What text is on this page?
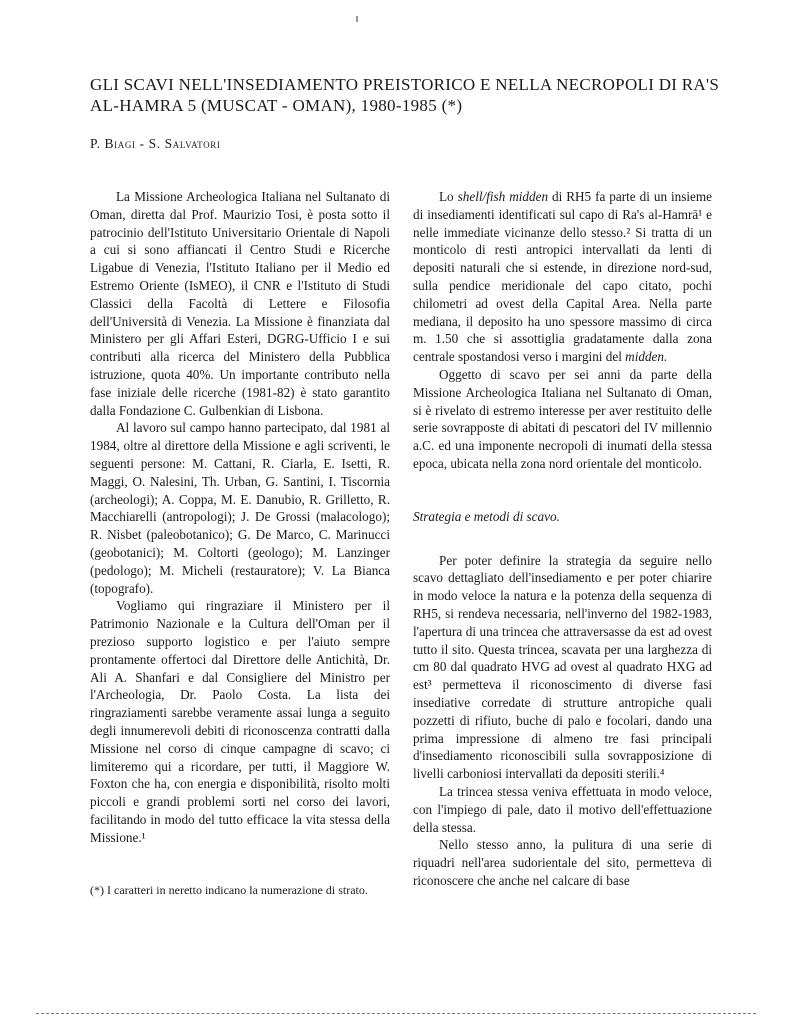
GLI SCAVI NELL'INSEDIAMENTO PREISTORICO E NELLA NECROPOLI DI RA'S AL-HAMRA 5 (MUSCAT - OMAN), 1980-1985 (*)
P. Biagi - S. Salvatori

La Missione Archeologica Italiana nel Sultanato di Oman, diretta dal Prof. Maurizio Tosi, è posta sotto il patrocinio dell'Istituto Universitario Orientale di Napoli a cui si sono affiancati il Centro Studi e Ricerche Ligabue di Venezia, l'Istituto Italiano per il Medio ed Estremo Oriente (IsMEO), il CNR e l'Istituto di Studi Classici della Facoltà di Lettere e Filosofia dell'Università di Venezia. La Missione è finanziata dal Ministero per gli Affari Esteri, DGRG-Ufficio I e sui contributi alla ricerca del Ministero della Pubblica istruzione, quota 40%. Un importante contributo nella fase iniziale delle ricerche (1981-82) è stato garantito dalla Fondazione C. Gulbenkian di Lisbona.

Al lavoro sul campo hanno partecipato, dal 1981 al 1984, oltre al direttore della Missione e agli scriventi, le seguenti persone: M. Cattani, R. Ciarla, E. Isetti, R. Maggi, O. Nalesini, Th. Urban, G. Santini, I. Tiscornia (archeologi); A. Coppa, M. E. Danubio, R. Grilletto, R. Macchiarelli (antropologi); J. De Grossi (malacologo); R. Nisbet (paleobotanico); G. De Marco, C. Marinucci (geobotanici); M. Coltorti (geologo); M. Lanzinger (pedologo); M. Micheli (restauratore); V. La Bianca (topografo).

Vogliamo qui ringraziare il Ministero per il Patrimonio Nazionale e la Cultura dell'Oman per il prezioso supporto logistico e per l'aiuto sempre prontamente offertoci dal Direttore delle Antichità, Dr. Ali A. Shanfari e dal Consigliere del Ministro per l'Archeologia, Dr. Paolo Costa. La lista dei ringraziamenti sarebbe veramente assai lunga a seguito degli innumerevoli debiti di riconoscenza contratti dalla Missione nel corso di cinque campagne di scavo; ci limiteremo qui a ricordare, per tutti, il Maggiore W. Foxton che ha, con energia e disponibilità, risolto molti piccoli e grandi problemi sorti nel corso dei lavori, facilitando in modo del tutto efficace la vita stessa della Missione.¹

(*) I caratteri in neretto indicano la numerazione di strato.

Lo shell/fish midden di RH5 fa parte di un insieme di insediamenti identificati sul capo di Ra's al-Hamrā¹ e nelle immediate vicinanze dello stesso.² Si tratta di un monticolo di resti antropici intervallati da lenti di depositi naturali che si estende, in direzione nord-sud, sulla pendice meridionale del capo citato, pochi chilometri ad ovest della Capital Area. Nella parte mediana, il deposito ha uno spessore massimo di circa m. 1.50 che si assottiglia gradatamente dalla zona centrale spostandosi verso i margini del midden.

Oggetto di scavo per sei anni da parte della Missione Archeologica Italiana nel Sultanato di Oman, si è rivelato di estremo interesse per aver restituito delle serie sovrapposte di abitati di pescatori del IV millennio a.C. ed una imponente necropoli di inumati della stessa epoca, ubicata nella zona nord orientale del monticolo.

Strategia e metodi di scavo.

Per poter definire la strategia da seguire nello scavo dettagliato dell'insediamento e per poter chiarire in modo veloce la natura e la potenza della sequenza di RH5, si rendeva necessaria, nell'inverno del 1982-1983, l'apertura di una trincea che attraversasse da est ad ovest tutto il sito. Questa trincea, scavata per una larghezza di cm 80 dal quadrato HVG ad ovest al quadrato HXG ad est³ permetteva il riconoscimento di diverse fasi insediative corredate di strutture antropiche quali pozzetti di rifiuto, buche di palo e focolari, dando una prima impressione di almeno tre fasi principali d'insediamento riconoscibili sulla sovrapposizione di livelli carboniosi intervallati da depositi sterili.⁴

La trincea stessa veniva effettuata in modo veloce, con l'impiego di pale, dato il motivo dell'effettuazione della stessa.

Nello stesso anno, la pulitura di una serie di riquadri nell'area sudorientale del sito, permetteva di riconoscere che anche nel calcare di base
